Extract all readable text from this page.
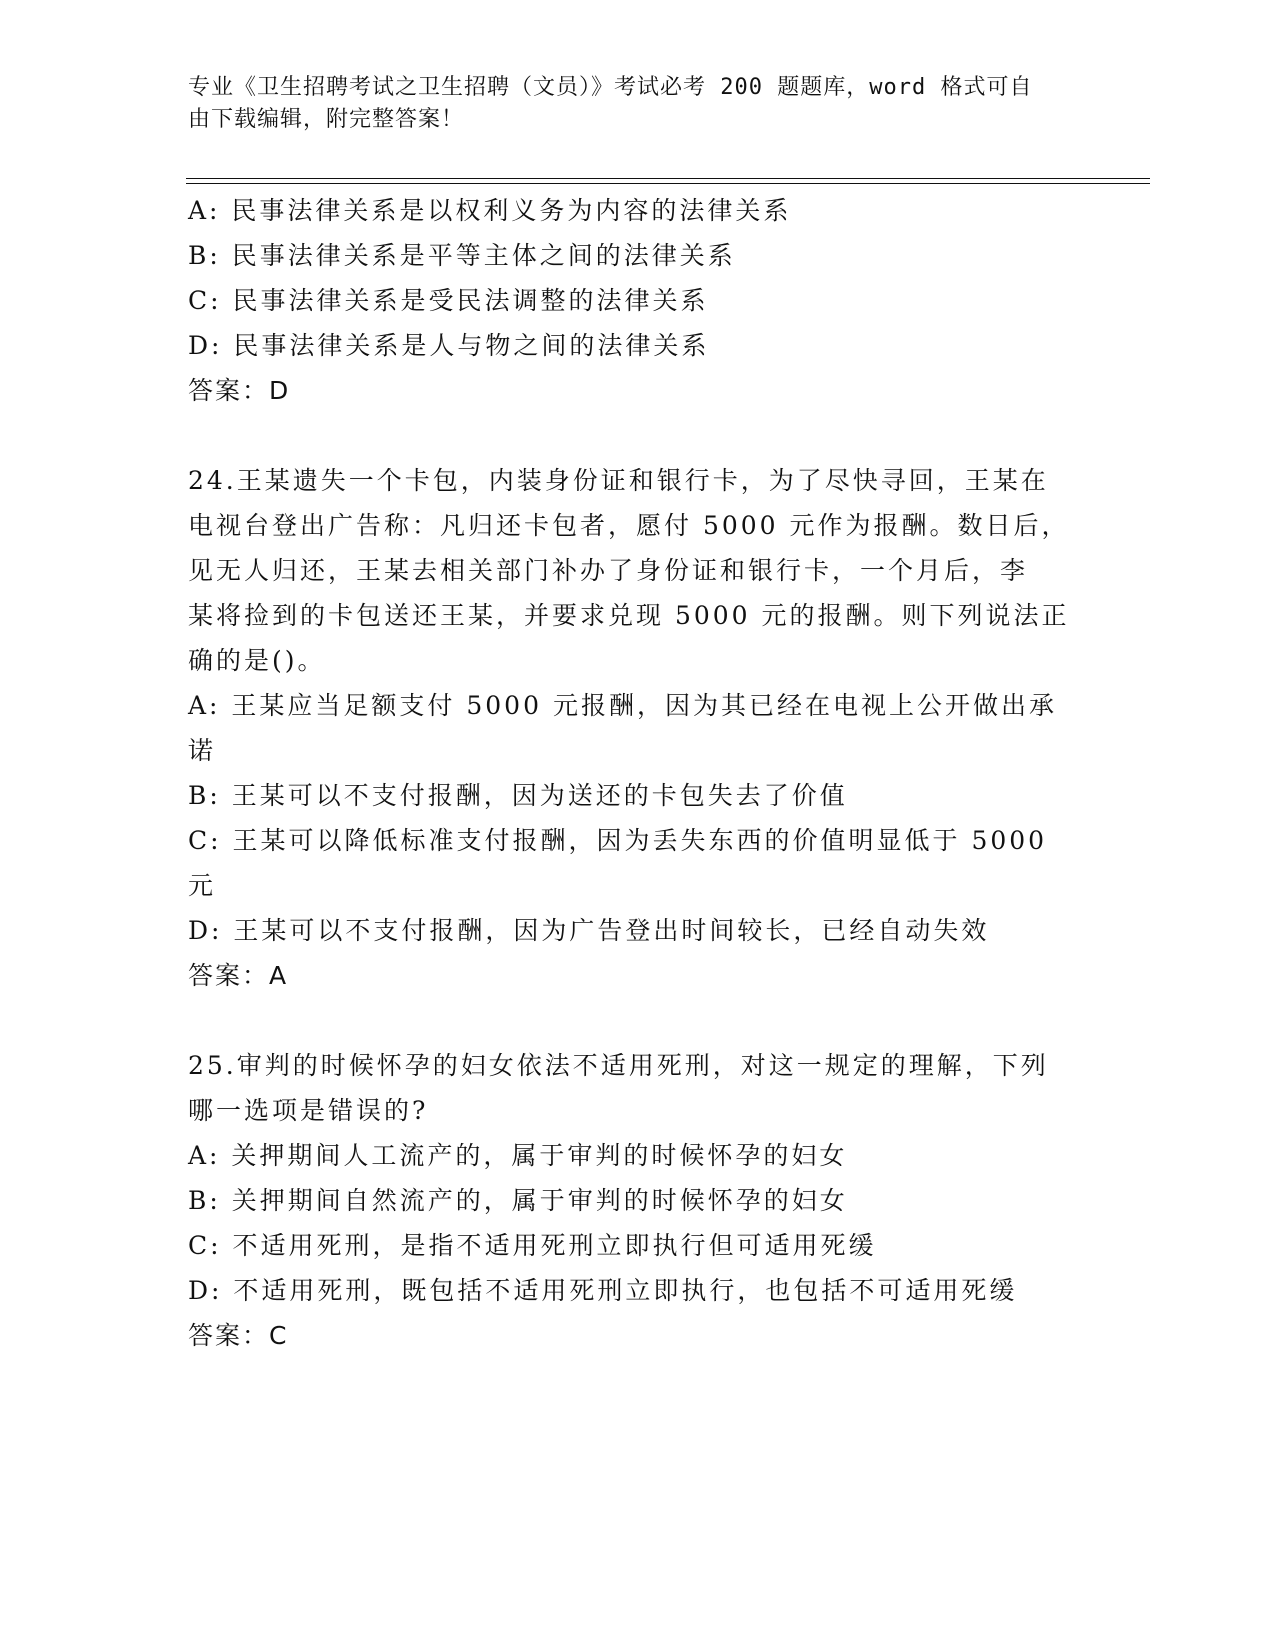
专业《卫生招聘考试之卫生招聘（文员）》考试必考 200 题题库，word 格式可自
由下载编辑，附完整答案！
A: 民事法律关系是以权利义务为内容的法律关系
B: 民事法律关系是平等主体之间的法律关系
C: 民事法律关系是受民法调整的法律关系
D: 民事法律关系是人与物之间的法律关系
答案：D
24.王某遗失一个卡包，内装身份证和银行卡，为了尽快寻回，王某在
电视台登出广告称：凡归还卡包者，愿付 5000 元作为报酬。数日后，
见无人归还，王某去相关部门补办了身份证和银行卡，一个月后，李
某将捡到的卡包送还王某，并要求兑现 5000 元的报酬。则下列说法正
确的是()。
A: 王某应当足额支付 5000 元报酬，因为其已经在电视上公开做出承
诺
B: 王某可以不支付报酬，因为送还的卡包失去了价值
C: 王某可以降低标准支付报酬，因为丢失东西的价值明显低于 5000
元
D: 王某可以不支付报酬，因为广告登出时间较长，已经自动失效
答案：A
25.审判的时候怀孕的妇女依法不适用死刑，对这一规定的理解，下列
哪一选项是错误的?
A: 关押期间人工流产的，属于审判的时候怀孕的妇女
B: 关押期间自然流产的，属于审判的时候怀孕的妇女
C: 不适用死刑，是指不适用死刑立即执行但可适用死缓
D: 不适用死刑，既包括不适用死刑立即执行，也包括不可适用死缓
答案：C
